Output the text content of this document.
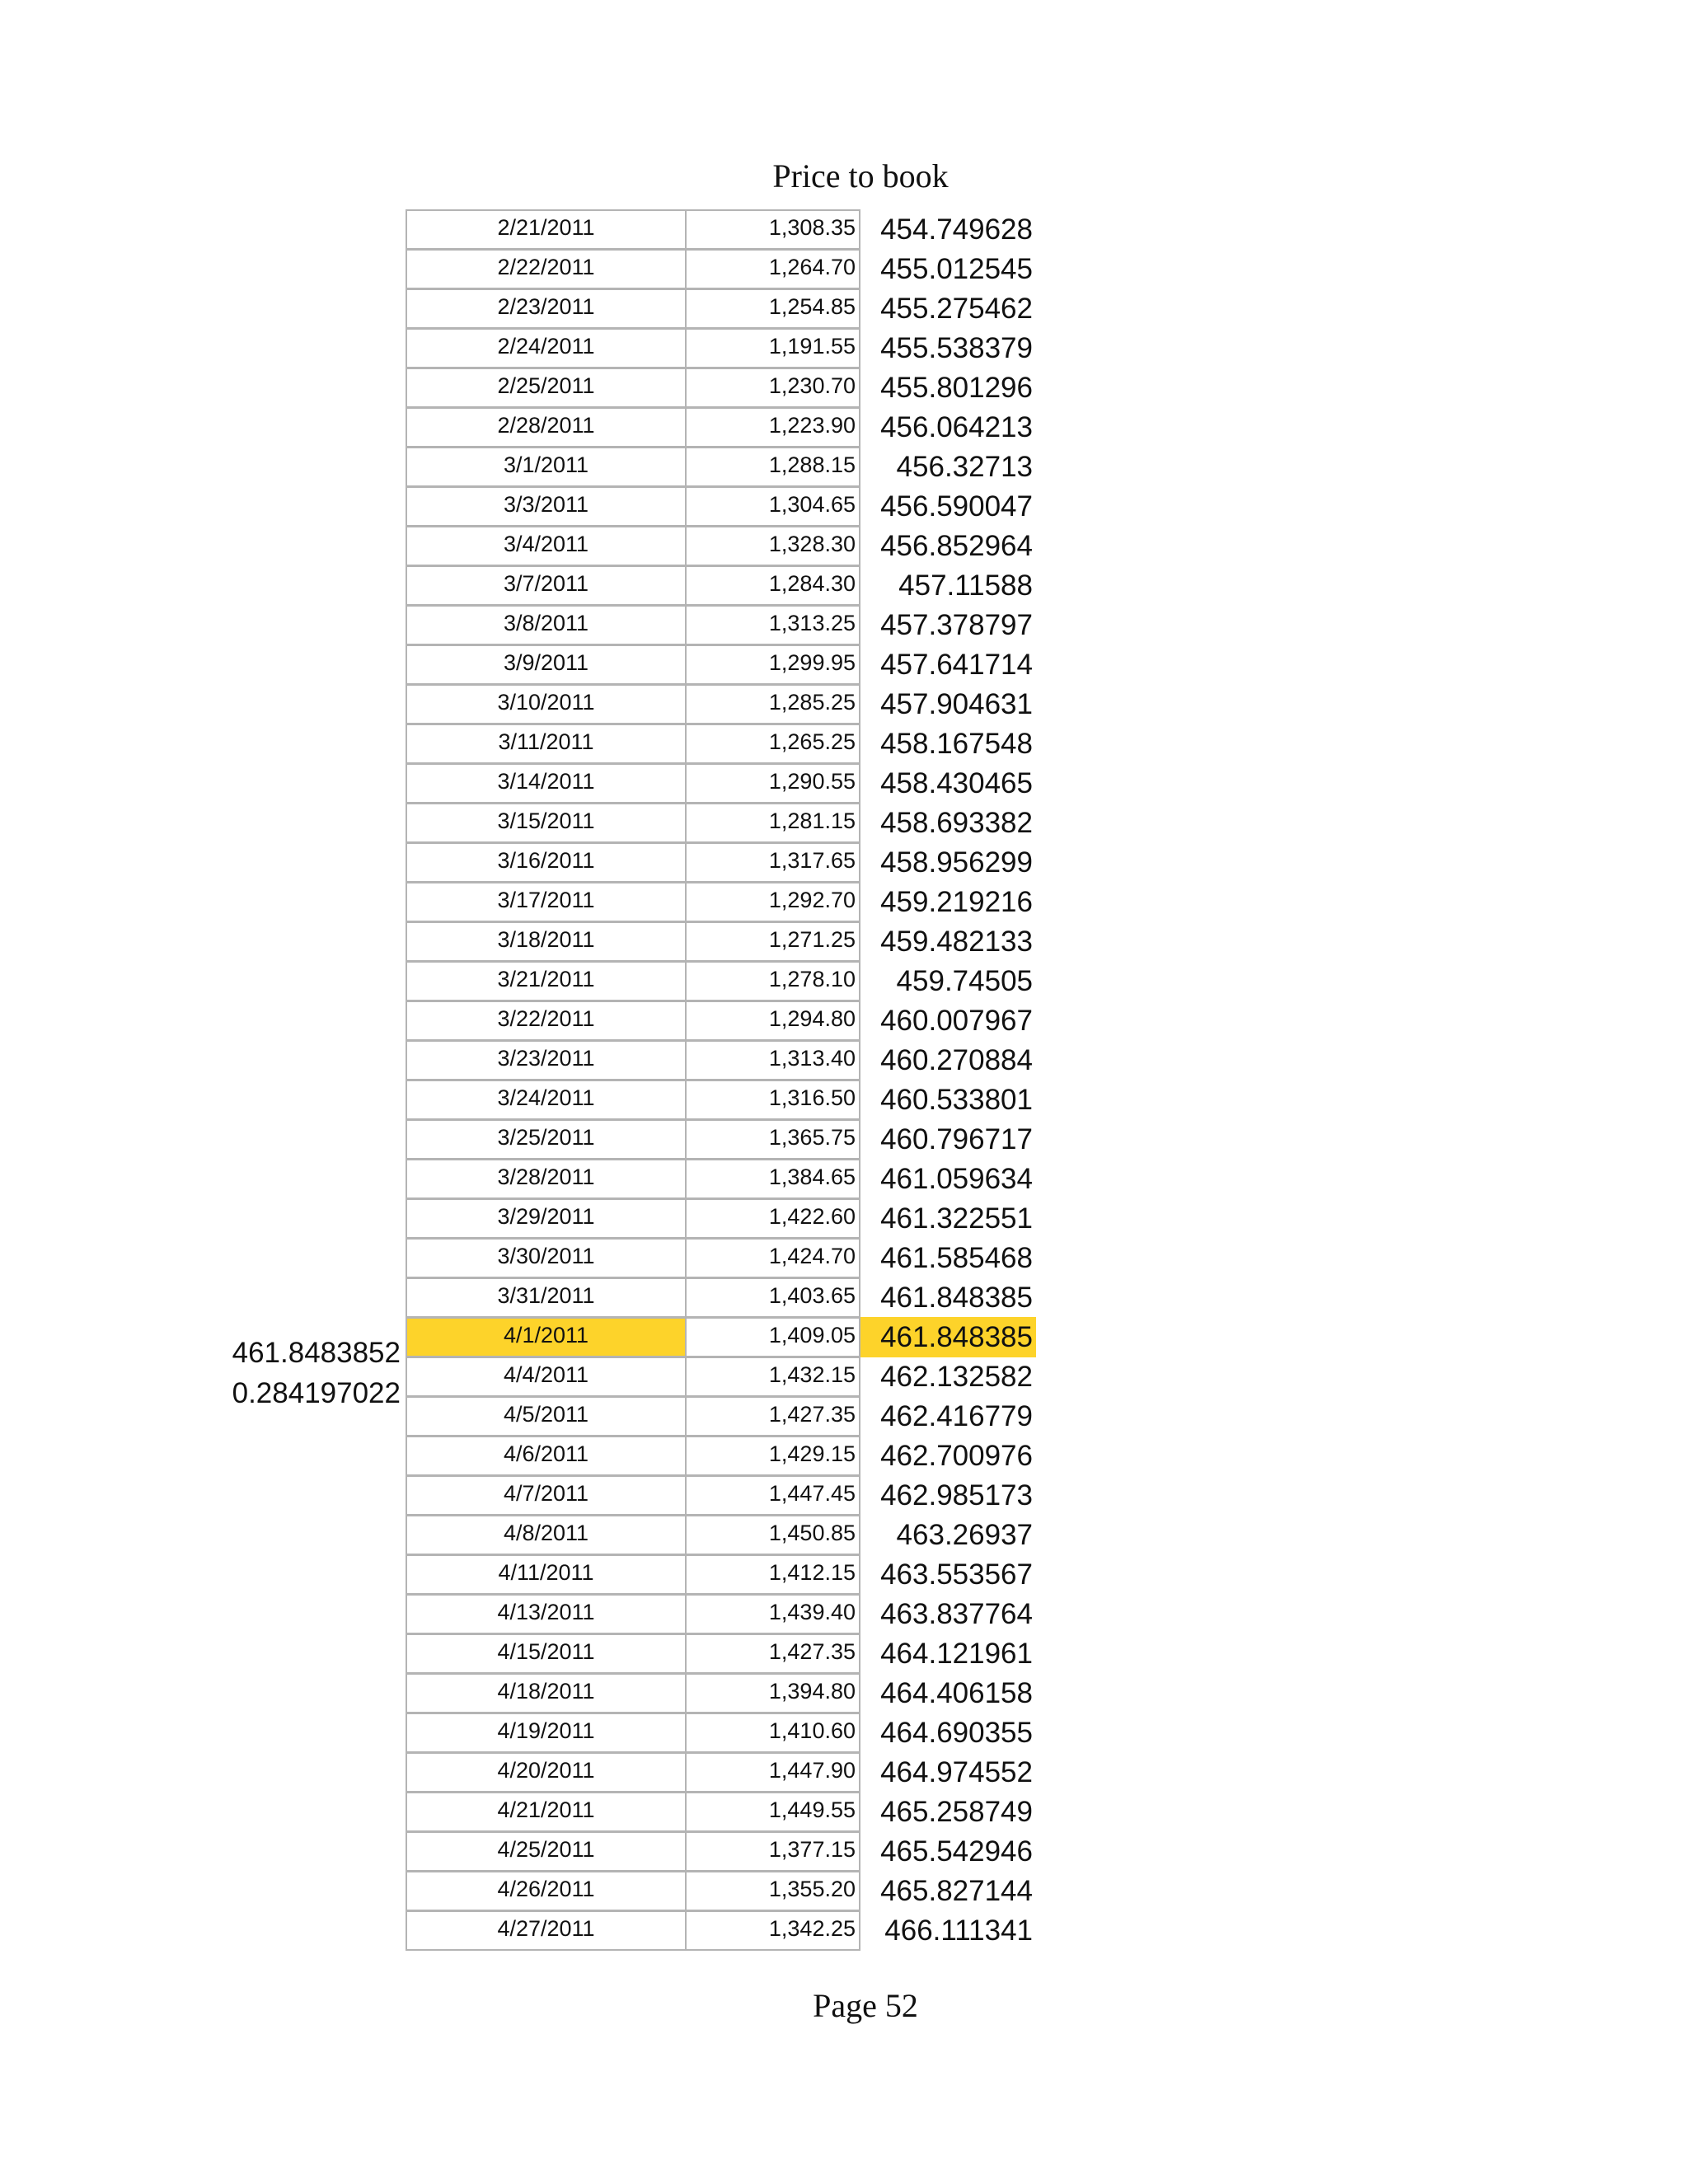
Price to book
461.8483852
0.284197022
2/21/2011	1,308.35 454.749628
2/22/2011	1,264.70 455.012545
2/23/2011	1,254.85 455.275462
2/24/2011	1,191.55 455.538379
2/25/2011	1,230.70 455.801296
2/28/2011	1,223.90 456.064213
3/1/2011	1,288.15	456.32713
3/3/2011	1,304.65 456.590047
3/4/2011	1,328.30 456.852964
3/7/2011	1,284.30	457.11588
3/8/2011	1,313.25 457.378797
3/9/2011	1,299.95 457.641714
3/10/2011	1,285.25 457.904631
3/11/2011	1,265.25 458.167548
3/14/2011	1,290.55 458.430465
3/15/2011	1,281.15 458.693382
3/16/2011	1,317.65 458.956299
3/17/2011	1,292.70 459.219216
3/18/2011	1,271.25 459.482133
3/21/2011	1,278.10	459.74505
3/22/2011	1,294.80 460.007967
3/23/2011	1,313.40 460.270884
3/24/2011	1,316.50 460.533801
3/25/2011	1,365.75 460.796717
3/28/2011	1,384.65 461.059634
3/29/2011	1,422.60 461.322551
3/30/2011	1,424.70 461.585468
3/31/2011	1,403.65 461.848385
4/1/2011	1,409.05 461.848385
4/4/2011	1,432.15 462.132582
4/5/2011	1,427.35 462.416779
4/6/2011	1,429.15 462.700976
4/7/2011	1,447.45 462.985173
4/8/2011	1,450.85	463.26937
4/11/2011	1,412.15 463.553567
4/13/2011	1,439.40 463.837764
4/15/2011	1,427.35 464.121961
4/18/2011	1,394.80 464.406158
4/19/2011	1,410.60 464.690355
4/20/2011	1,447.90 464.974552
4/21/2011	1,449.55 465.258749
4/25/2011	1,377.15 465.542946
4/26/2011	1,355.20 465.827144
4/27/2011	1,342.25	466.111341
Page 52
